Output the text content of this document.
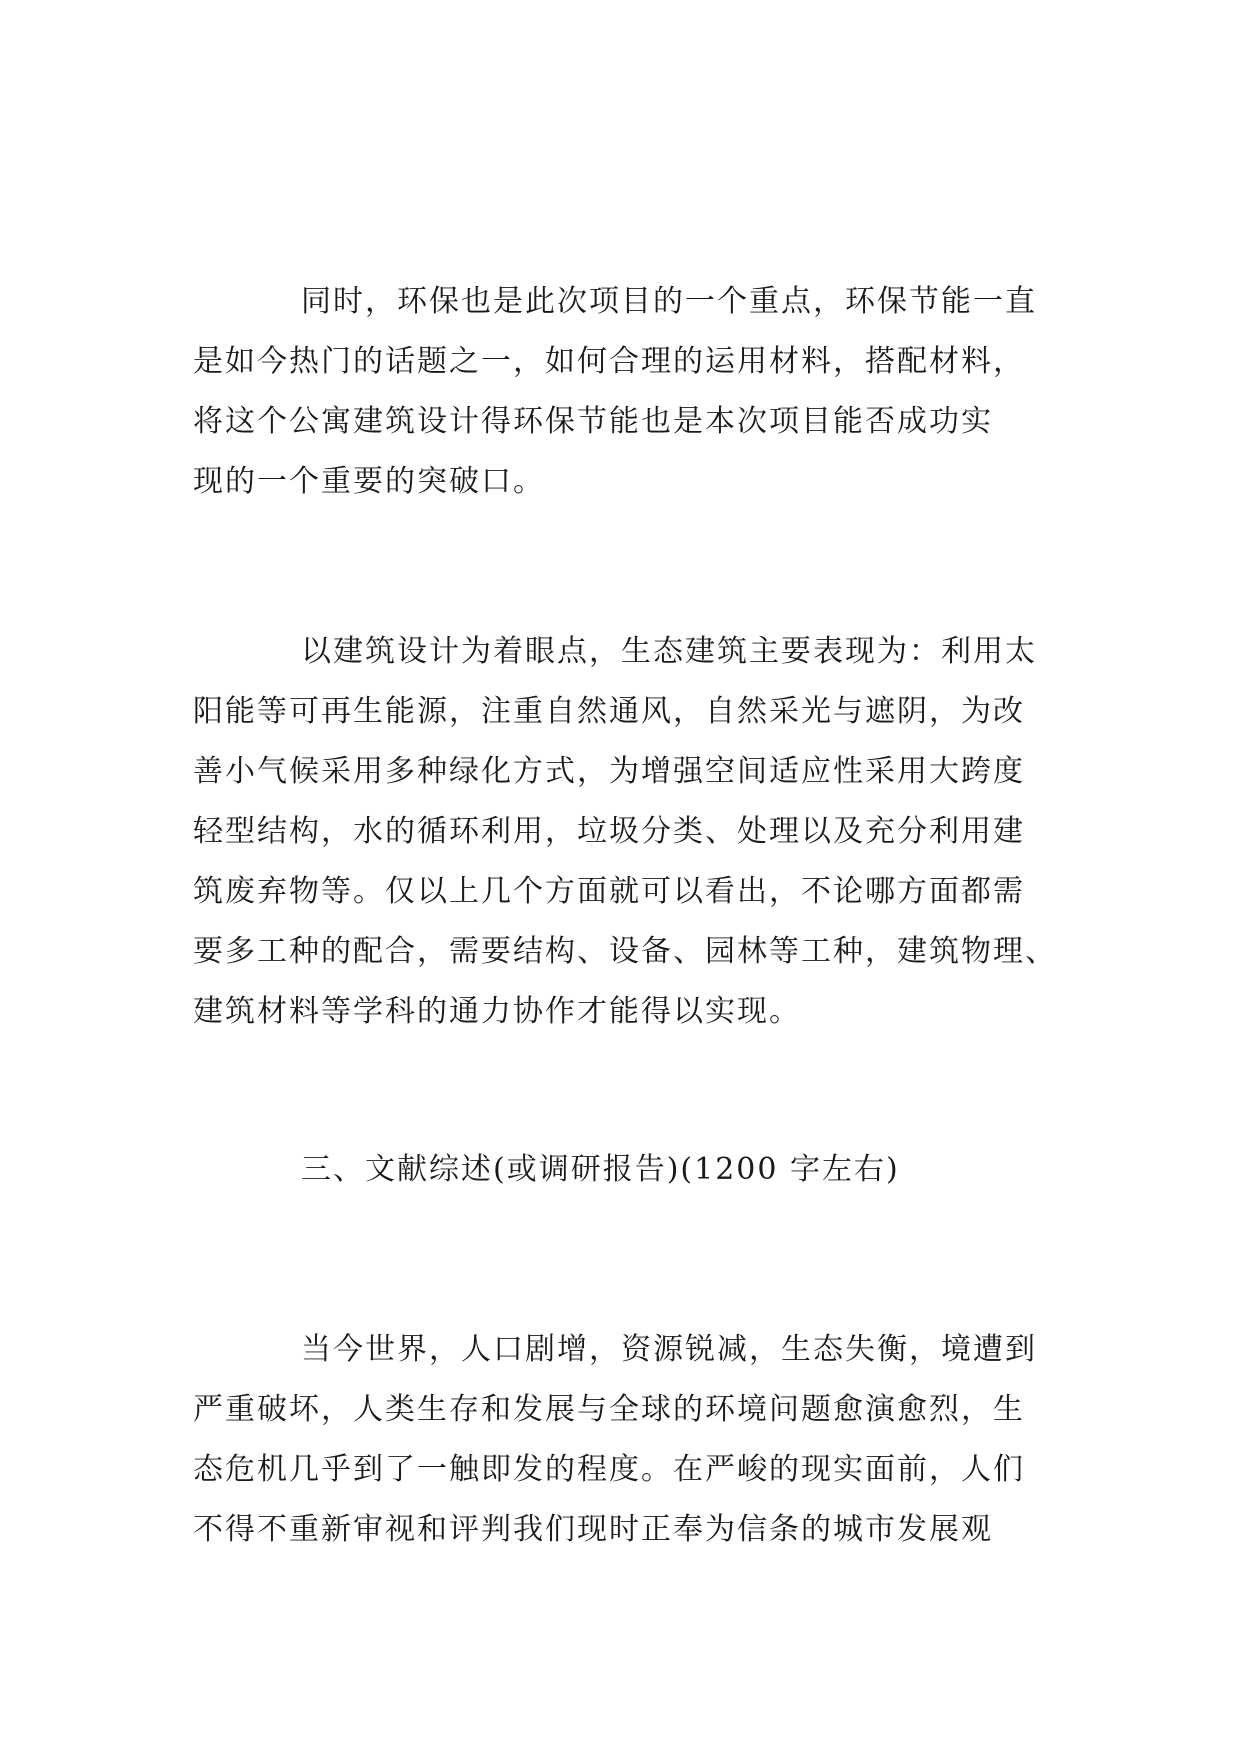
同时，环保也是此次项目的一个重点，环保节能一直
是如今热门的话题之一，如何合理的运用材料，搭配材料，
将这个公寓建筑设计得环保节能也是本次项目能否成功实
现的一个重要的突破口。
以建筑设计为着眼点，生态建筑主要表现为：利用太
阳能等可再生能源，注重自然通风，自然采光与遮阴，为改
善小气候采用多种绿化方式，为增强空间适应性采用大跨度
轻型结构，水的循环利用，垃圾分类、处理以及充分利用建
筑废弃物等。仅以上几个方面就可以看出，不论哪方面都需
要多工种的配合，需要结构、设备、园林等工种，建筑物理、
建筑材料等学科的通力协作才能得以实现。
三、文献综述(或调研报告)(1200 字左右)
当今世界，人口剧增，资源锐减，生态失衡，境遭到
严重破坏，人类生存和发展与全球的环境问题愈演愈烈，生
态危机几乎到了一触即发的程度。在严峻的现实面前，人们
不得不重新审视和评判我们现时正奉为信条的城市发展观
